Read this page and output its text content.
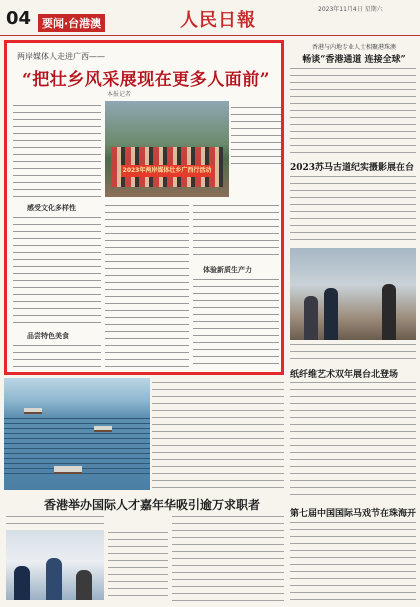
04 要闻·台港澳	人民日報
2023年11月4日 星期六
两岸媒体人走进广西——
“把壮乡风采展现在更多人面前”
本报记者
2023年两岸媒体壮乡广西行活动
感受文化多样性
品尝特色美食
体验新质生产力
香港与内地专业人士相聚港珠澳
畅谈“香港通道 连接全球”
2023苏马古道纪实摄影展在台
纸纤维艺术双年展台北登场
第七届中国国际马戏节在珠海开
香港举办国际人才嘉年华吸引逾万求职者
